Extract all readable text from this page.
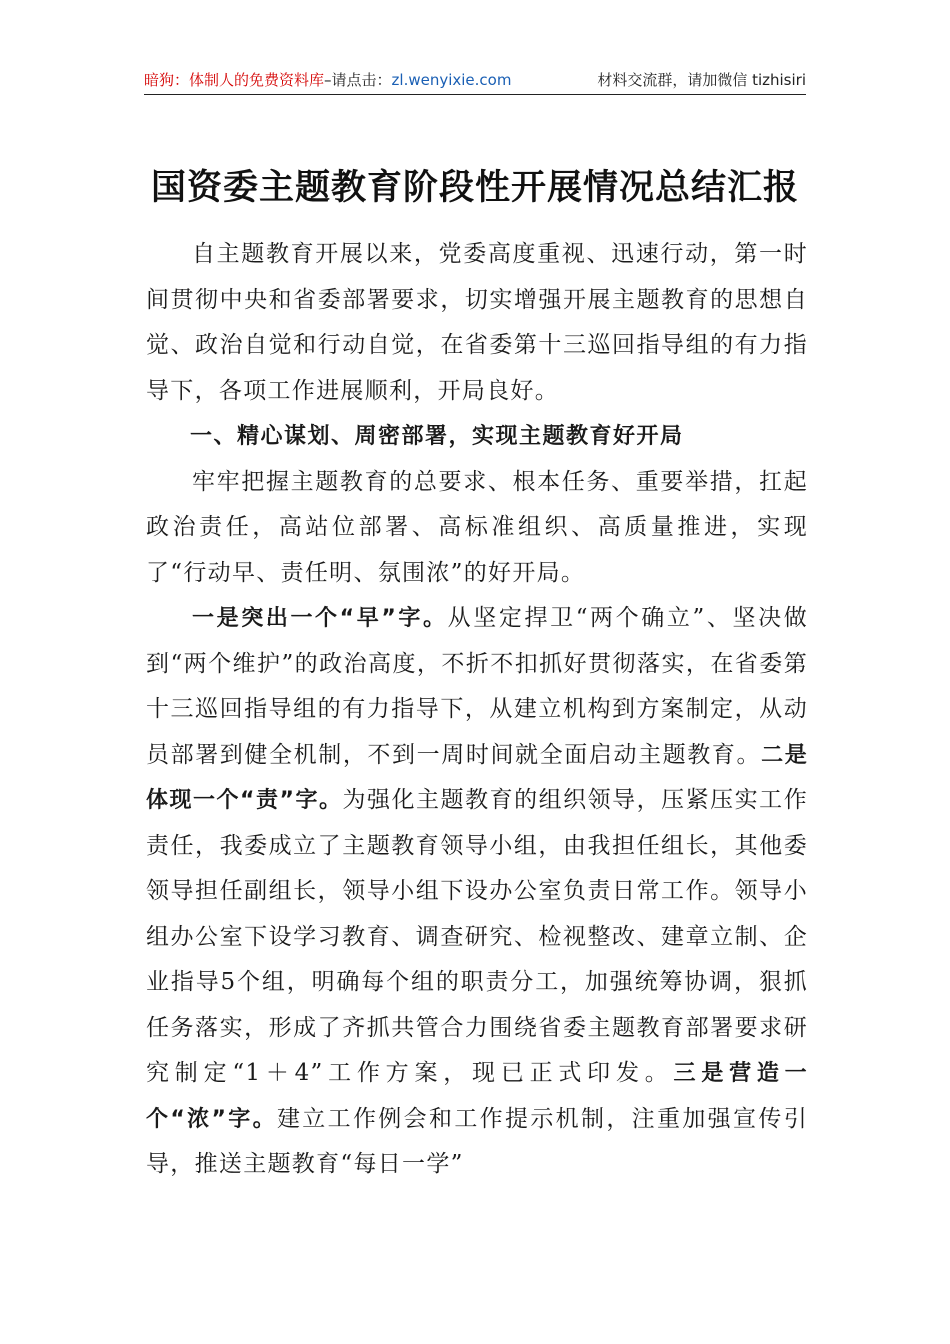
暗狗：体制人的免费资料库–请点击：zl.wenyixie.com	材料交流群，请加微信 tizhisiri
国资委主题教育阶段性开展情况总结汇报

自主题教育开展以来，党委高度重视、迅速行动，第一时间贯彻中央和省委部署要求，切实增强开展主题教育的思想自觉、政治自觉和行动自觉，在省委第十三巡回指导组的有力指导下，各项工作进展顺利，开局良好。

一、精心谋划、周密部署，实现主题教育好开局

牢牢把握主题教育的总要求、根本任务、重要举措，扛起政治责任，高站位部署、高标准组织、高质量推进，实现了“行动早、责任明、氛围浓”的好开局。

一是突出一个“早”字。从坚定捍卫“两个确立”、坚决做到“两个维护”的政治高度，不折不扣抓好贯彻落实，在省委第十三巡回指导组的有力指导下，从建立机构到方案制定，从动员部署到健全机制，不到一周时间就全面启动主题教育。二是体现一个“责”字。为强化主题教育的组织领导，压紧压实工作责任，我委成立了主题教育领导小组，由我担任组长，其他委领导担任副组长，领导小组下设办公室负责日常工作。领导小组办公室下设学习教育、调查研究、检视整改、建章立制、企业指导5个组，明确每个组的职责分工，加强统筹协调，狠抓任务落实，形成了齐抓共管合力围绕省委主题教育部署要求研究制定“1＋4”工作方案，现已正式印发。三是营造一个“浓”字。建立工作例会和工作提示机制，注重加强宣传引导，推送主题教育“每日一学”
